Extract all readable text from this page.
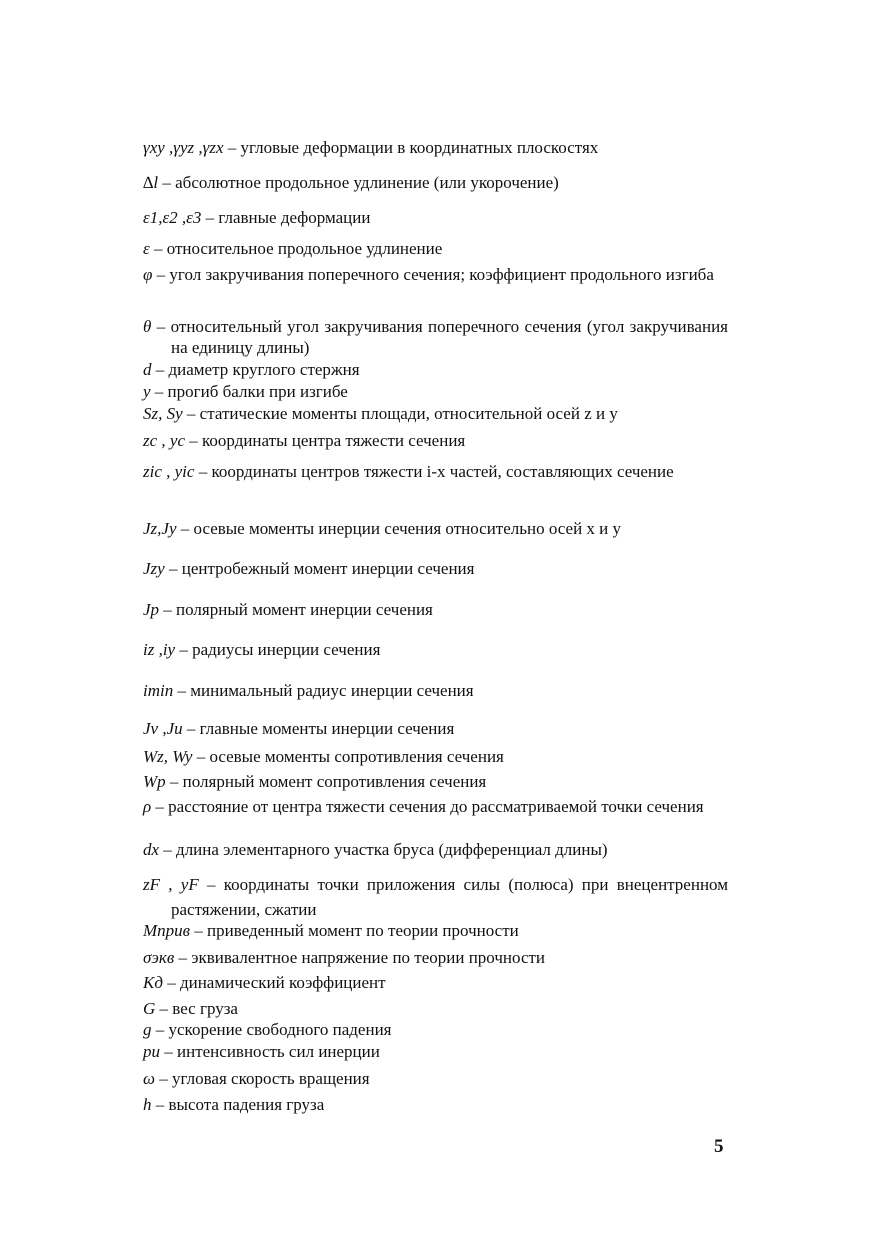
γxy ,γyz ,γzx – угловые деформации в координатных плоскостях
∆l – абсолютное продольное удлинение (или укорочение)
ε1,ε2 ,ε3 – главные деформации
ε – относительное продольное удлинение
φ – угол закручивания поперечного сечения; коэффициент продольного изгиба
θ – относительный угол закручивания поперечного сечения (угол закручивания на единицу длины)
d – диаметр круглого стержня
y – прогиб балки при изгибе
Sz, Sy – статические моменты площади, относительной осей z и y
zc , yc – координаты центра тяжести сечения
zic , yic – координаты центров тяжести i-х частей, составляющих сечение
Jz,Jy – осевые моменты инерции сечения относительно осей x и y
Jzy – центробежный момент инерции сечения
Jp – полярный момент инерции сечения
iz ,iy – радиусы инерции сечения
imin – минимальный радиус инерции сечения
Jv ,Ju – главные моменты инерции сечения
Wz, Wy – осевые моменты сопротивления сечения
Wp – полярный момент сопротивления сечения
ρ – расстояние от центра тяжести сечения до рассматриваемой точки сечения
dx – длина элементарного участка бруса (дифференциал длины)
zF , yF – координаты точки приложения силы (полюса) при внецентренном растяжении, сжатии
Mприв – приведенный момент по теории прочности
σэкв – эквивалентное напряжение по теории прочности
Kд – динамический коэффициент
G – вес груза
g – ускорение свободного падения
pи – интенсивность сил инерции
ω – угловая скорость вращения
h – высота падения груза
5
